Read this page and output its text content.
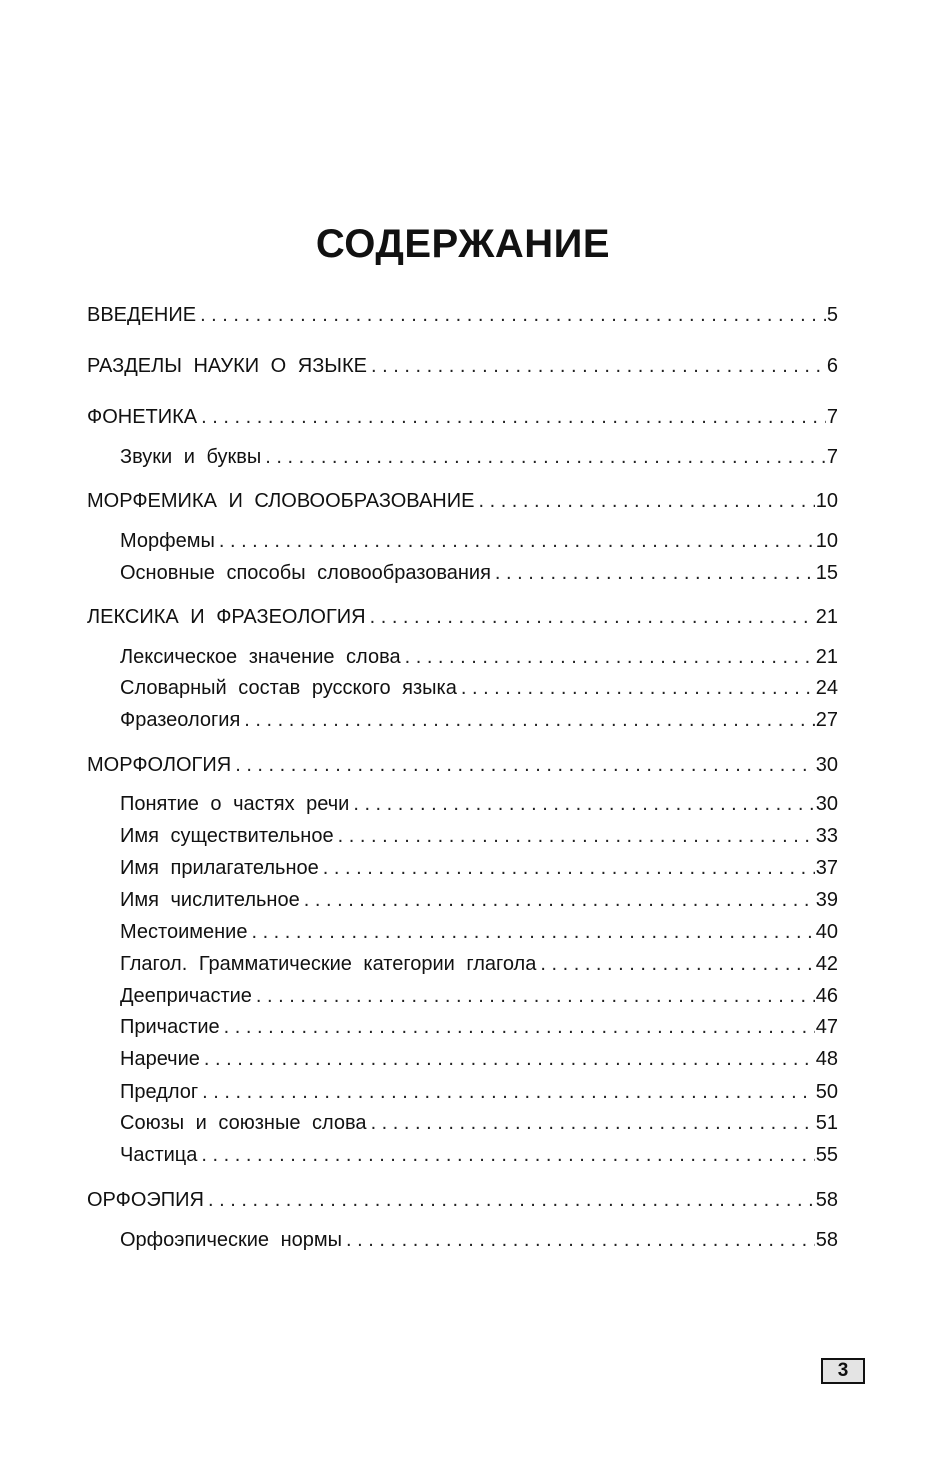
СОДЕРЖАНИЕ
ВВЕДЕНИЕ . . .	5
РАЗДЕЛЫ НАУКИ О ЯЗЫКЕ . . .	6
ФОНЕТИКА . . .	7
Звуки и буквы . . .	7
МОРФЕМИКА И СЛОВООБРАЗОВАНИЕ . . .	10
Морфемы . . .	10
Основные способы словообразования . . .	15
ЛЕКСИКА И ФРАЗЕОЛОГИЯ . . .	21
Лексическое значение слова . . .	21
Словарный состав русского языка . . .	24
Фразеология . . .	27
МОРФОЛОГИЯ . . .	30
Понятие о частях речи . . .	30
Имя существительное . . .	33
Имя прилагательное . . .	37
Имя числительное . . .	39
Местоимение . . .	40
Глагол. Грамматические категории глагола . . .	42
Деепричастие . . .	46
Причастие . . .	47
Наречие . . .	48
Предлог . . .	50
Союзы и союзные слова . . .	51
Частица . . .	55
ОРФОЭПИЯ . . .	58
Орфоэпические нормы . . .	58
3
